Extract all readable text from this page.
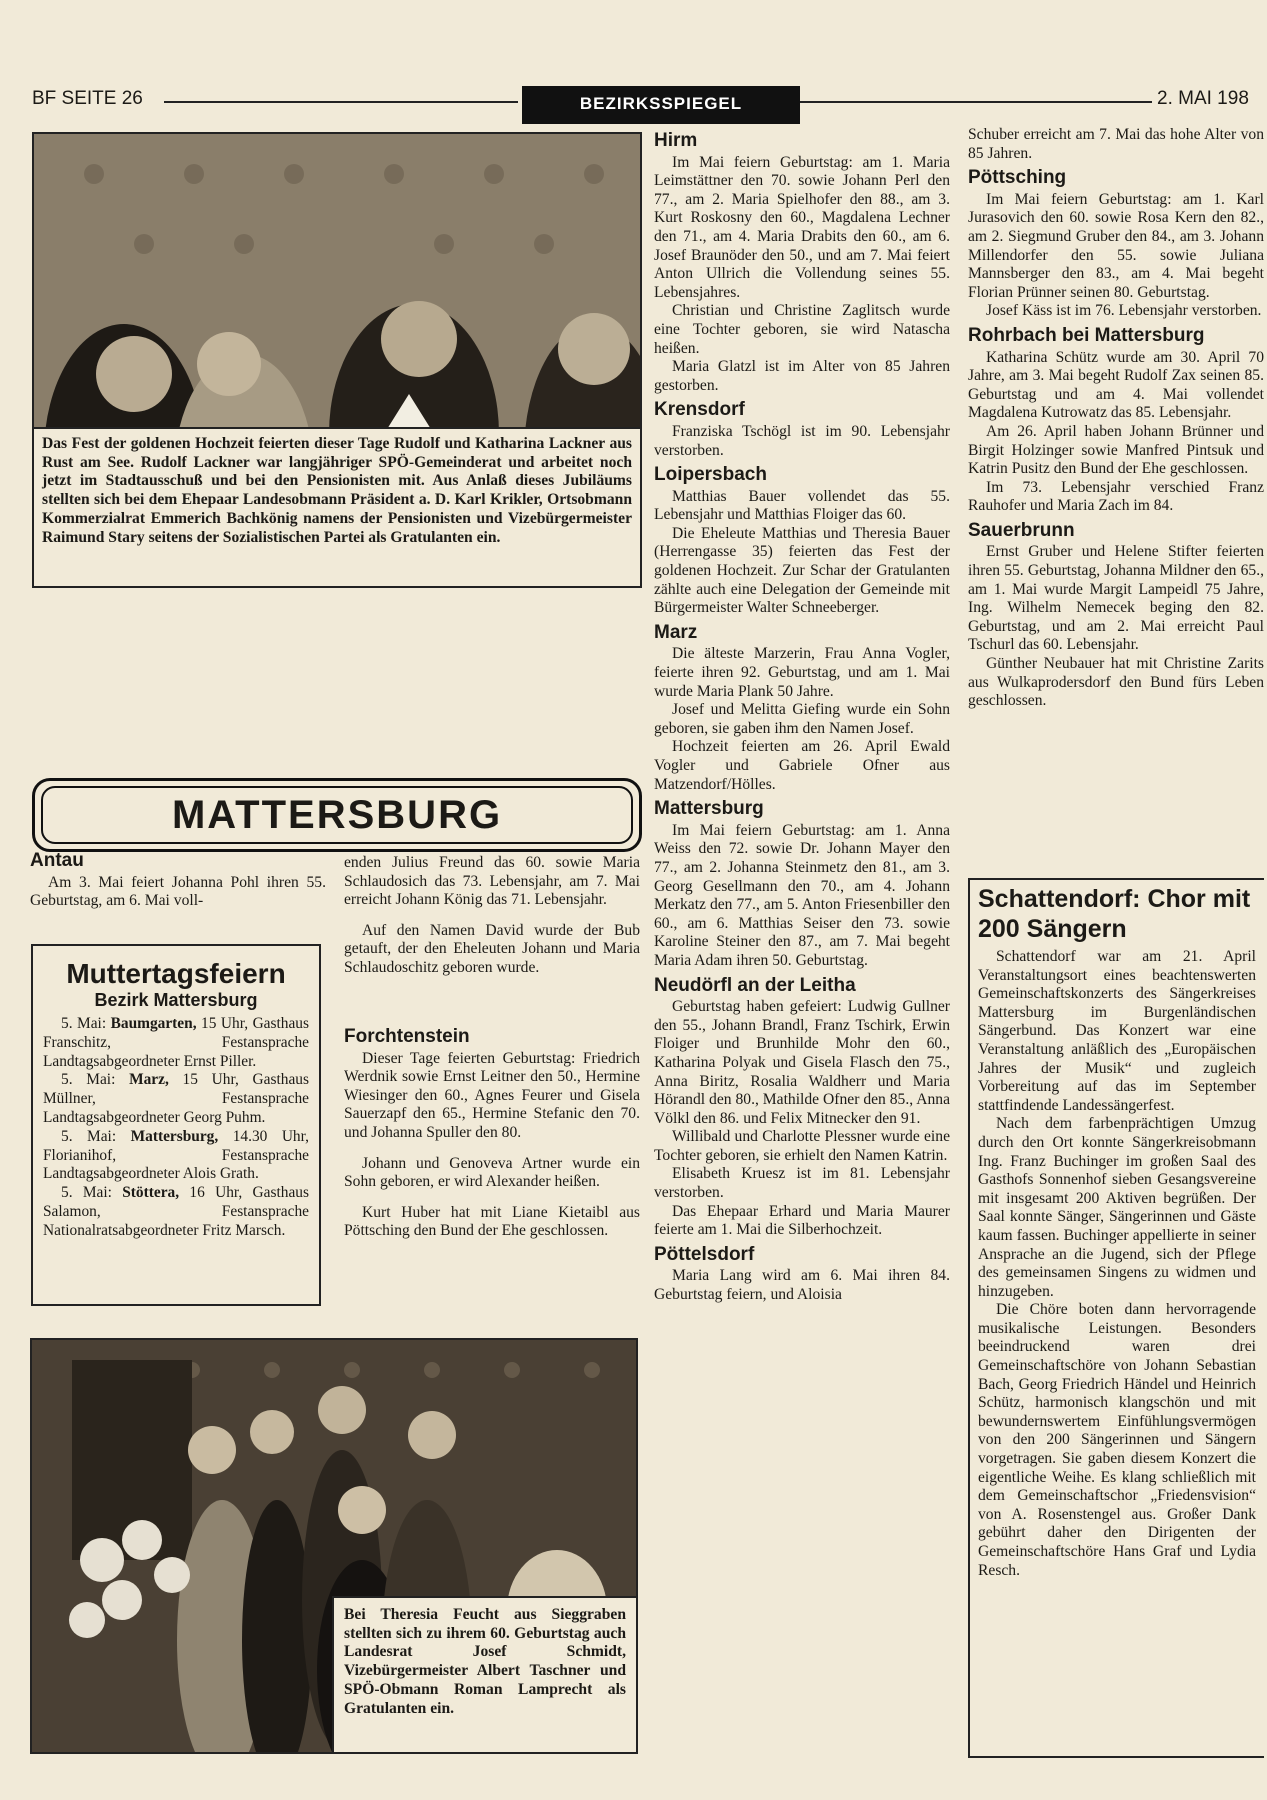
BF SEITE 26	BEZIRKSSPIEGEL	2. MAI 198
Das Fest der goldenen Hochzeit feierten dieser Tage Rudolf und Katharina Lackner aus Rust am See. Rudolf Lackner war langjähriger SPÖ-Gemeinderat und arbeitet noch jetzt im Stadtausschuß und bei den Pensionisten mit. Aus Anlaß dieses Jubiläums stellten sich bei dem Ehepaar Landesobmann Präsident a. D. Karl Krikler, Ortsobmann Kommerzialrat Emmerich Bachkönig namens der Pensionisten und Vizebürgermeister Raimund Stary seitens der Sozialistischen Partei als Gratulanten ein.
MATTERSBURG
Antau

Am 3. Mai feiert Johanna Pohl ihren 55. Geburtstag, am 6. Mai voll-

enden Julius Freund das 60. sowie Maria Schlaudosich das 73. Lebensjahr, am 7. Mai erreicht Johann König das 71. Lebensjahr.

Auf den Namen David wurde der Bub getauft, der den Eheleuten Johann und Maria Schlaudoschitz geboren wurde.

Muttertagsfeiern
Bezirk Mattersburg

5. Mai: Baumgarten, 15 Uhr, Gasthaus Franschitz, Festansprache Landtagsabgeordneter Ernst Piller.

5. Mai: Marz, 15 Uhr, Gasthaus Müllner, Festansprache Landtagsabgeordneter Georg Puhm.

5. Mai: Mattersburg, 14.30 Uhr, Florianihof, Festansprache Landtagsabgeordneter Alois Grath.

5. Mai: Stöttera, 16 Uhr, Gasthaus Salamon, Festansprache Nationalratsabgeordneter Fritz Marsch.

Forchtenstein

Dieser Tage feierten Geburtstag: Friedrich Werdnik sowie Ernst Leitner den 50., Hermine Wiesinger den 60., Agnes Feurer und Gisela Sauerzapf den 65., Hermine Stefanic den 70. und Johanna Spuller den 80.

Johann und Genoveva Artner wurde ein Sohn geboren, er wird Alexander heißen.

Kurt Huber hat mit Liane Kietaibl aus Pöttsching den Bund der Ehe geschlossen.

Bei Theresia Feucht aus Sieggraben stellten sich zu ihrem 60. Geburtstag auch Landesrat Josef Schmidt, Vizebürgermeister Albert Taschner und SPÖ-Obmann Roman Lamprecht als Gratulanten ein.
Hirm

Im Mai feiern Geburtstag: am 1. Maria Leimstättner den 70. sowie Johann Perl den 77., am 2. Maria Spielhofer den 88., am 3. Kurt Roskosny den 60., Magdalena Lechner den 71., am 4. Maria Drabits den 60., am 6. Josef Braunöder den 50., und am 7. Mai feiert Anton Ullrich die Vollendung seines 55. Lebensjahres.

Christian und Christine Zaglitsch wurde eine Tochter geboren, sie wird Natascha heißen.

Maria Glatzl ist im Alter von 85 Jahren gestorben.

Krensdorf

Franziska Tschögl ist im 90. Lebensjahr verstorben.

Loipersbach

Matthias Bauer vollendet das 55. Lebensjahr und Matthias Floiger das 60.

Die Eheleute Matthias und Theresia Bauer (Herrengasse 35) feierten das Fest der goldenen Hochzeit. Zur Schar der Gratulanten zählte auch eine Delegation der Gemeinde mit Bürgermeister Walter Schneeberger.

Marz

Die älteste Marzerin, Frau Anna Vogler, feierte ihren 92. Geburtstag, und am 1. Mai wurde Maria Plank 50 Jahre.

Josef und Melitta Giefing wurde ein Sohn geboren, sie gaben ihm den Namen Josef.

Hochzeit feierten am 26. April Ewald Vogler und Gabriele Ofner aus Matzendorf/Hölles.

Mattersburg

Im Mai feiern Geburtstag: am 1. Anna Weiss den 72. sowie Dr. Johann Mayer den 77., am 2. Johanna Steinmetz den 81., am 3. Georg Gesellmann den 70., am 4. Johann Merkatz den 77., am 5. Anton Friesenbiller den 60., am 6. Matthias Seiser den 73. sowie Karoline Steiner den 87., am 7. Mai begeht Maria Adam ihren 50. Geburtstag.

Neudörfl an der Leitha

Geburtstag haben gefeiert: Ludwig Gullner den 55., Johann Brandl, Franz Tschirk, Erwin Floiger und Brunhilde Mohr den 60., Katharina Polyak und Gisela Flasch den 75., Anna Biritz, Rosalia Waldherr und Maria Hörandl den 80., Mathilde Ofner den 85., Anna Völkl den 86. und Felix Mitnecker den 91.

Willibald und Charlotte Plessner wurde eine Tochter geboren, sie erhielt den Namen Katrin.

Elisabeth Kruesz ist im 81. Lebensjahr verstorben.

Das Ehepaar Erhard und Maria Maurer feierte am 1. Mai die Silberhochzeit.

Pöttelsdorf

Maria Lang wird am 6. Mai ihren 84. Geburtstag feiern, und Aloisia

Schuber erreicht am 7. Mai das hohe Alter von 85 Jahren.

Pöttsching

Im Mai feiern Geburtstag: am 1. Karl Jurasovich den 60. sowie Rosa Kern den 82., am 2. Siegmund Gruber den 84., am 3. Johann Millendorfer den 55. sowie Juliana Mannsberger den 83., am 4. Mai begeht Florian Prünner seinen 80. Geburtstag.

Josef Käss ist im 76. Lebensjahr verstorben.

Rohrbach bei Mattersburg

Katharina Schütz wurde am 30. April 70 Jahre, am 3. Mai begeht Rudolf Zax seinen 85. Geburtstag und am 4. Mai vollendet Magdalena Kutrowatz das 85. Lebensjahr.

Am 26. April haben Johann Brünner und Birgit Holzinger sowie Manfred Pintsuk und Katrin Pusitz den Bund der Ehe geschlossen.

Im 73. Lebensjahr verschied Franz Rauhofer und Maria Zach im 84.

Sauerbrunn

Ernst Gruber und Helene Stifter feierten ihren 55. Geburtstag, Johanna Mildner den 65., am 1. Mai wurde Margit Lampeidl 75 Jahre, Ing. Wilhelm Nemecek beging den 82. Geburtstag, und am 2. Mai erreicht Paul Tschurl das 60. Lebensjahr.

Günther Neubauer hat mit Christine Zarits aus Wulkaprodersdorf den Bund fürs Leben geschlossen.

Schattendorf: Chor mit 200 Sängern

Schattendorf war am 21. April Veranstaltungsort eines beachtenswerten Gemeinschaftskonzerts des Sängerkreises Mattersburg im Burgenländischen Sängerbund. Das Konzert war eine Veranstaltung anläßlich des „Europäischen Jahres der Musik“ und zugleich Vorbereitung auf das im September stattfindende Landessängerfest.

Nach dem farbenprächtigen Umzug durch den Ort konnte Sängerkreisobmann Ing. Franz Buchinger im großen Saal des Gasthofs Sonnenhof sieben Gesangsvereine mit insgesamt 200 Aktiven begrüßen. Der Saal konnte Sänger, Sängerinnen und Gäste kaum fassen. Buchinger appellierte in seiner Ansprache an die Jugend, sich der Pflege des gemeinsamen Singens zu widmen und hinzugeben.

Die Chöre boten dann hervorragende musikalische Leistungen. Besonders beeindruckend waren drei Gemeinschaftschöre von Johann Sebastian Bach, Georg Friedrich Händel und Heinrich Schütz, harmonisch klangschön und mit bewundernswertem Einfühlungsvermögen von den 200 Sängerinnen und Sängern vorgetragen. Sie gaben diesem Konzert die eigentliche Weihe. Es klang schließlich mit dem Gemeinschaftschor „Friedensvision“ von A. Rosenstengel aus. Großer Dank gebührt daher den Dirigenten der Gemeinschaftschöre Hans Graf und Lydia Resch.
